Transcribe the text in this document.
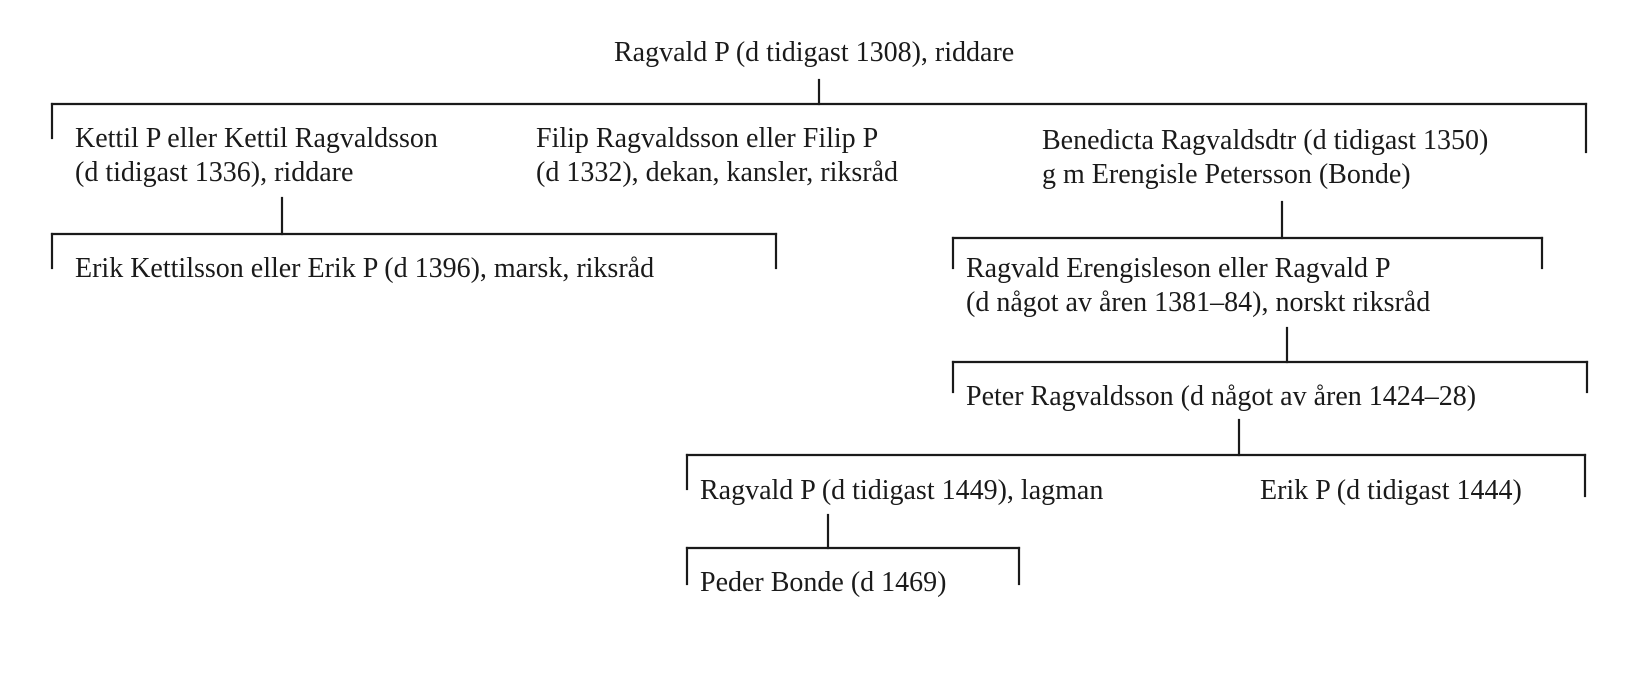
Ragvald P (d tidigast 1308), riddare
Kettil P eller Kettil Ragvaldsson
(d tidigast 1336), riddare
Filip Ragvaldsson eller Filip P
(d 1332), dekan, kansler, riksråd
Benedicta Ragvaldsdtr (d tidigast 1350)
g m Erengisle Petersson (Bonde)
Erik Kettilsson eller Erik P (d 1396), marsk, riksråd	Ragvald Erengisleson eller Ragvald P
(d något av åren 1381–84), norskt riksråd
Peter Ragvaldsson (d något av åren 1424–28)
Ragvald P (d tidigast 1449), lagman	Erik P (d tidigast 1444)
Peder Bonde (d 1469)
